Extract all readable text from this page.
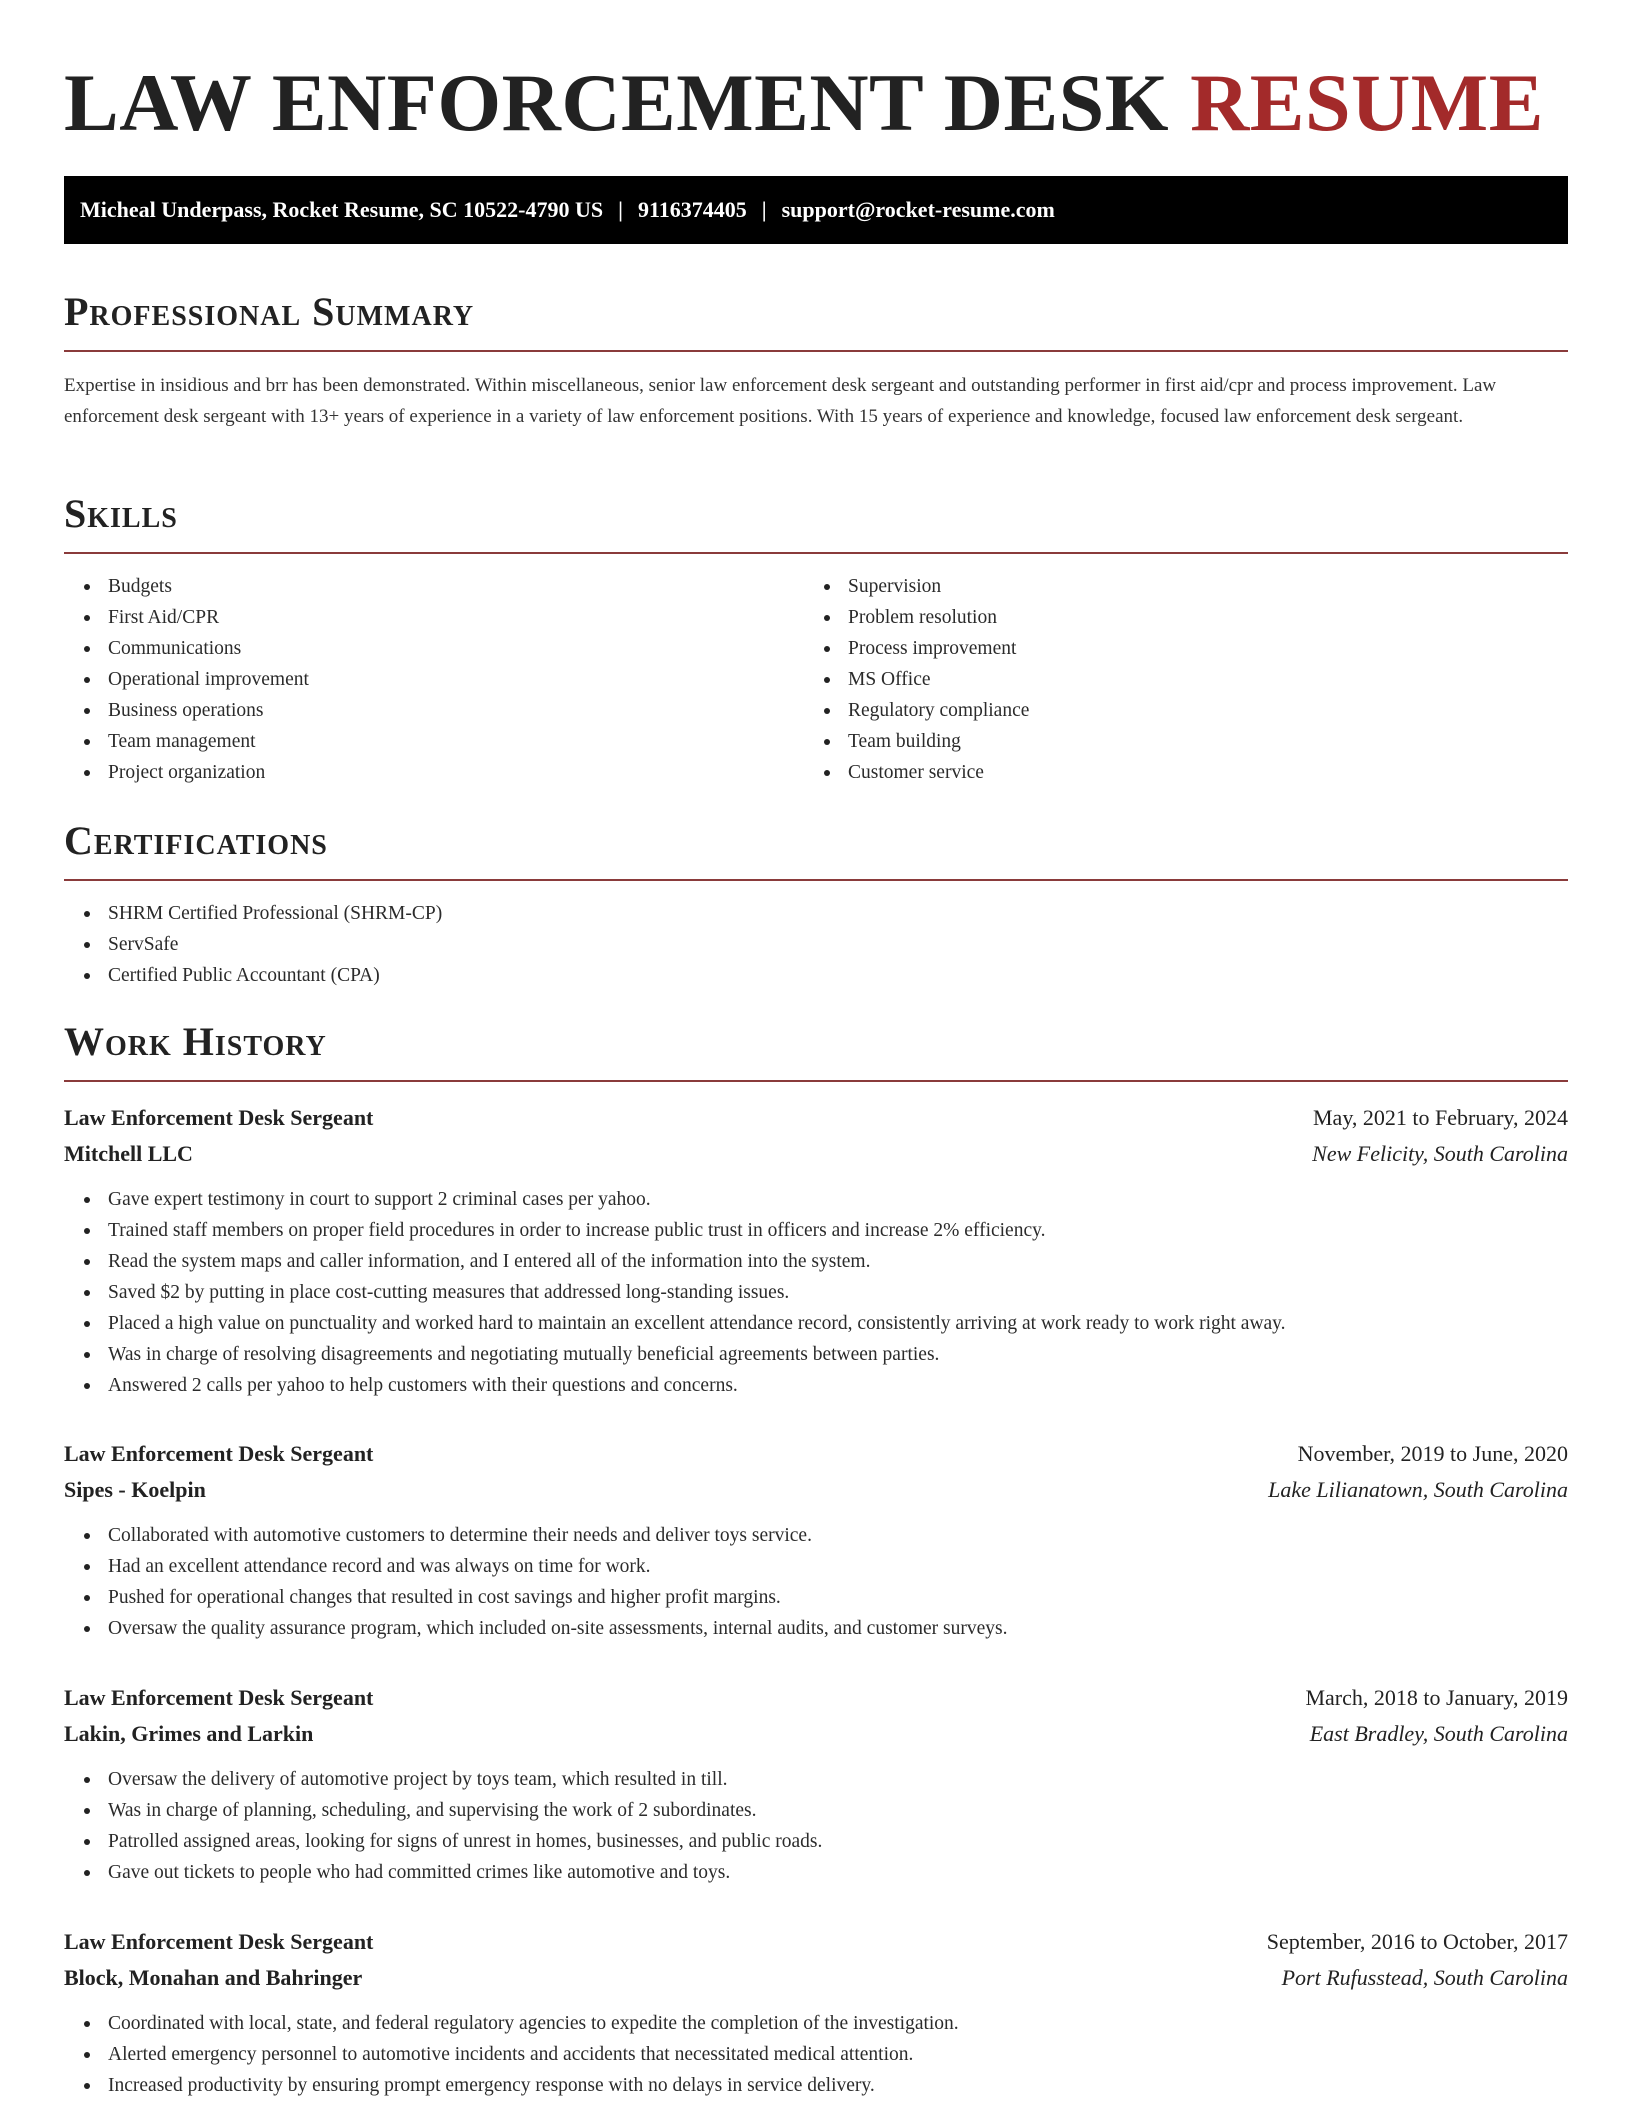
LAW ENFORCEMENT DESK RESUME
Micheal Underpass, Rocket Resume, SC 10522-4790 US | 9116374405 | support@rocket-resume.com
Professional Summary

Expertise in insidious and brr has been demonstrated. Within miscellaneous, senior law enforcement desk sergeant and outstanding performer in first aid/cpr and process improvement. Law enforcement desk sergeant with 13+ years of experience in a variety of law enforcement positions. With 15 years of experience and knowledge, focused law enforcement desk sergeant.

Skills
Budgets
First Aid/CPR
Communications
Operational improvement
Business operations
Team management
Project organization
Supervision
Problem resolution
Process improvement
MS Office
Regulatory compliance
Team building
Customer service
Certifications
SHRM Certified Professional (SHRM-CP)
ServSafe
Certified Public Accountant (CPA)
Work History
Law Enforcement Desk Sergeant	May, 2021 to February, 2024
Mitchell LLC	New Felicity, South Carolina
Gave expert testimony in court to support 2 criminal cases per yahoo.
Trained staff members on proper field procedures in order to increase public trust in officers and increase 2% efficiency.
Read the system maps and caller information, and I entered all of the information into the system.
Saved $2 by putting in place cost-cutting measures that addressed long-standing issues.
Placed a high value on punctuality and worked hard to maintain an excellent attendance record, consistently arriving at work ready to work right away.
Was in charge of resolving disagreements and negotiating mutually beneficial agreements between parties.
Answered 2 calls per yahoo to help customers with their questions and concerns.
Law Enforcement Desk Sergeant	November, 2019 to June, 2020
Sipes - Koelpin	Lake Lilianatown, South Carolina
Collaborated with automotive customers to determine their needs and deliver toys service.
Had an excellent attendance record and was always on time for work.
Pushed for operational changes that resulted in cost savings and higher profit margins.
Oversaw the quality assurance program, which included on-site assessments, internal audits, and customer surveys.
Law Enforcement Desk Sergeant	March, 2018 to January, 2019
Lakin, Grimes and Larkin	East Bradley, South Carolina
Oversaw the delivery of automotive project by toys team, which resulted in till.
Was in charge of planning, scheduling, and supervising the work of 2 subordinates.
Patrolled assigned areas, looking for signs of unrest in homes, businesses, and public roads.
Gave out tickets to people who had committed crimes like automotive and toys.
Law Enforcement Desk Sergeant	September, 2016 to October, 2017
Block, Monahan and Bahringer	Port Rufusstead, South Carolina
Coordinated with local, state, and federal regulatory agencies to expedite the completion of the investigation.
Alerted emergency personnel to automotive incidents and accidents that necessitated medical attention.
Increased productivity by ensuring prompt emergency response with no delays in service delivery.
